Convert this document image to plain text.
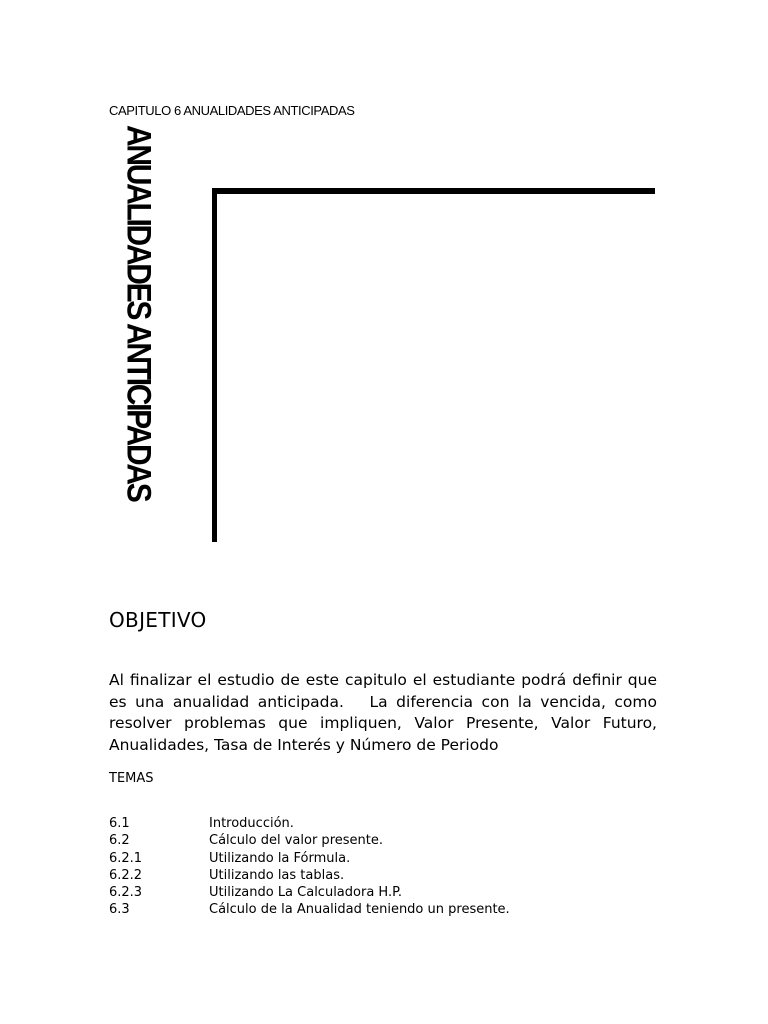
CAPITULO 6 ANUALIDADES ANTICIPADAS
ANUALIDADES ANTICIPADAS
OBJETIVO
Al finalizar el estudio de este capitulo el estudiante podrá definir que es una anualidad anticipada.   La diferencia con la vencida, como resolver problemas que impliquen, Valor Presente, Valor Futuro, Anualidades, Tasa de Interés y Número de Periodo
TEMAS
6.1	Introducción.
6.2	Cálculo del valor presente.
6.2.1	Utilizando la Fórmula.
6.2.2	Utilizando las tablas.
6.2.3	Utilizando La Calculadora H.P.
6.3	Cálculo de la Anualidad teniendo un presente.
